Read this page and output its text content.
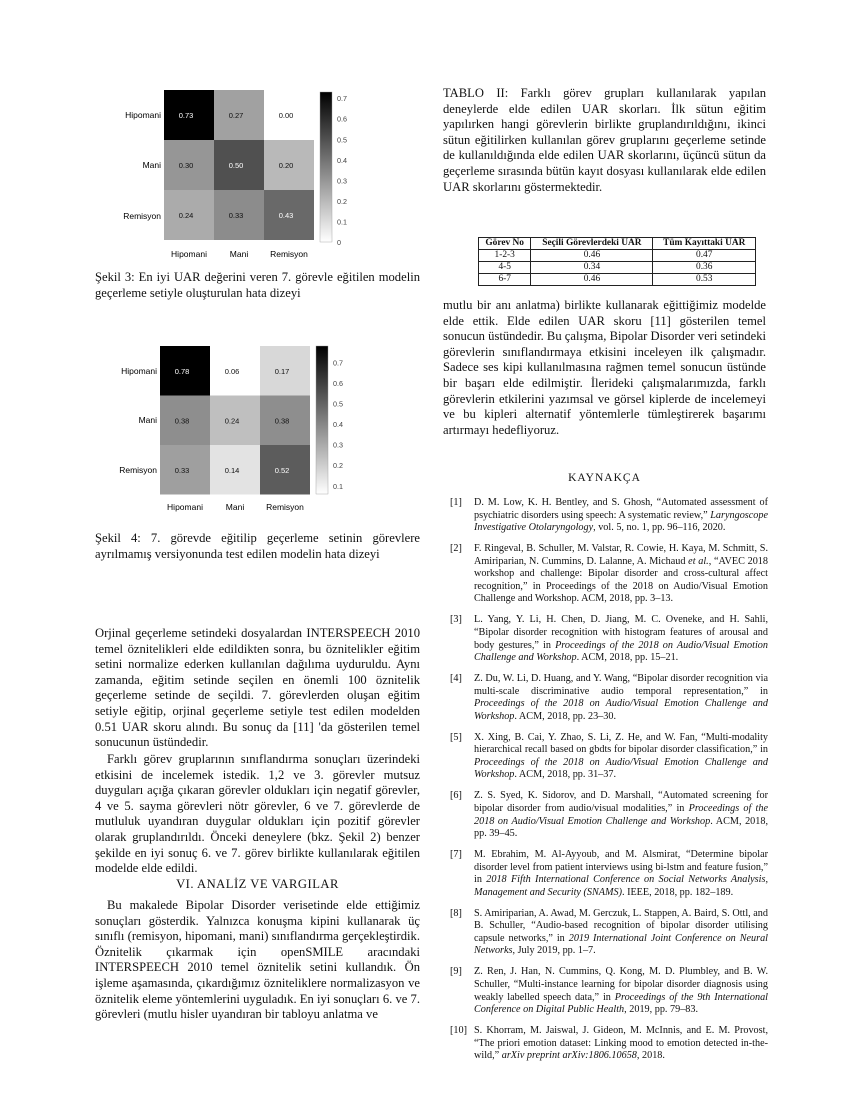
0.73	0.27	0.00
0.30	0.50	0.20
0.24	0.33	0.43
0.7
0.6
0.5
0.4
0.3
0.2
0.1
0
Hipomani
Mani
Remisyon
Hipomani	Mani	Remisyon

Şekil 3: En iyi UAR değerini veren 7. görevle eğitilen modelin geçerleme setiyle oluşturulan hata dizeyi

0.78	0.06	0.17
0.38	0.24	0.38
0.33	0.14	0.52
0.7
0.6
0.5
0.4
0.3
0.2
0.1
Hipomani
Mani
Remisyon
Hipomani	Mani	Remisyon

Şekil 4: 7. görevde eğitilip geçerleme setinin görevlere ayrılmamış versiyonunda test edilen modelin hata dizeyi

Orjinal geçerleme setindeki dosyalardan INTERSPEECH 2010 temel öznitelikleri elde edildikten sonra, bu öznitelikler eğitim setini normalize ederken kullanılan dağılıma uyduruldu. Aynı zamanda, eğitim setinde seçilen en önemli 100 öznitelik geçerleme setinde de seçildi. 7. görevlerden oluşan eğitim setiyle eğitip, orjinal geçerleme setiyle test edilen modelden 0.51 UAR skoru alındı. Bu sonuç da [11] 'da gösterilen temel sonucunun üstündedir.

Farklı görev gruplarının sınıflandırma sonuçları üzerindeki etkisini de incelemek istedik. 1,2 ve 3. görevler mutsuz duyguları açığa çıkaran görevler oldukları için negatif görevler, 4 ve 5. sayma görevleri nötr görevler, 6 ve 7. görevlerde de mutluluk uyandıran duygular oldukları için pozitif görevler olarak gruplandırıldı. Önceki deneylere (bkz. Şekil 2) benzer şekilde en iyi sonuç 6. ve 7. görev birlikte kullanılarak eğitilen modelde elde edildi.

VI. ANALİZ VE VARGILAR

Bu makalede Bipolar Disorder verisetinde elde ettiğimiz sonuçları gösterdik. Yalnızca konuşma kipini kullanarak üç sınıflı (remisyon, hipomani, mani) sınıflandırma gerçekleştirdik. Öznitelik çıkarmak için openSMILE aracındaki INTERSPEECH 2010 temel öznitelik setini kullandık. Ön işleme aşamasında, çıkardığımız özniteliklere normalizasyon ve öznitelik eleme yöntemlerini uyguladık. En iyi sonuçları 6. ve 7. görevleri (mutlu hisler uyandıran bir tabloyu anlatma ve

TABLO II: Farklı görev grupları kullanılarak yapılan deneylerde elde edilen UAR skorları. İlk sütun eğitim yapılırken hangi görevlerin birlikte gruplandırıldığını, ikinci sütun eğitilirken kullanılan görev gruplarını geçerleme setinde de kullanıldığında elde edilen UAR skorlarını, üçüncü sütun da geçerleme sırasında bütün kayıt dosyası kullanılarak elde edilen UAR skorlarını göstermektedir.

Görev No	Seçili Görevlerdeki UAR	Tüm Kayıttaki UAR
1-2-3	0.46	0.47
4-5	0.34	0.36
6-7	0.46	0.53

mutlu bir anı anlatma) birlikte kullanarak eğittiğimiz modelde elde ettik. Elde edilen UAR skoru [11] gösterilen temel sonucun üstündedir. Bu çalışma, Bipolar Disorder veri setindeki görevlerin sınıflandırmaya etkisini inceleyen ilk çalışmadır. Sadece ses kipi kullanılmasına rağmen temel sonucun üstünde bir başarı elde edilmiştir. İlerideki çalışmalarımızda, farklı görevlerin etkilerini yazımsal ve görsel kiplerde de incelemeyi ve bu kipleri alternatif yöntemlerle tümleştirerek başarımı artırmayı hedefliyoruz.

KAYNAKÇA

[1]	D. M. Low, K. H. Bentley, and S. Ghosh, “Automated assessment of psychiatric disorders using speech: A systematic review,” Laryngoscope Investigative Otolaryngology, vol. 5, no. 1, pp. 96–116, 2020.
[2]	F. Ringeval, B. Schuller, M. Valstar, R. Cowie, H. Kaya, M. Schmitt, S. Amiriparian, N. Cummins, D. Lalanne, A. Michaud et al., “AVEC 2018 workshop and challenge: Bipolar disorder and cross-cultural affect recognition,” in Proceedings of the 2018 on Audio/Visual Emotion Challenge and Workshop. ACM, 2018, pp. 3–13.
[3]	L. Yang, Y. Li, H. Chen, D. Jiang, M. C. Oveneke, and H. Sahli, “Bipolar disorder recognition with histogram features of arousal and body gestures,” in Proceedings of the 2018 on Audio/Visual Emotion Challenge and Workshop. ACM, 2018, pp. 15–21.
[4]	Z. Du, W. Li, D. Huang, and Y. Wang, “Bipolar disorder recognition via multi-scale discriminative audio temporal representation,” in Proceedings of the 2018 on Audio/Visual Emotion Challenge and Workshop. ACM, 2018, pp. 23–30.
[5]	X. Xing, B. Cai, Y. Zhao, S. Li, Z. He, and W. Fan, “Multi-modality hierarchical recall based on gbdts for bipolar disorder classification,” in Proceedings of the 2018 on Audio/Visual Emotion Challenge and Workshop. ACM, 2018, pp. 31–37.
[6]	Z. S. Syed, K. Sidorov, and D. Marshall, “Automated screening for bipolar disorder from audio/visual modalities,” in Proceedings of the 2018 on Audio/Visual Emotion Challenge and Workshop. ACM, 2018, pp. 39–45.
[7]	M. Ebrahim, M. Al-Ayyoub, and M. Alsmirat, “Determine bipolar disorder level from patient interviews using bi-lstm and feature fusion,” in 2018 Fifth International Conference on Social Networks Analysis, Management and Security (SNAMS). IEEE, 2018, pp. 182–189.
[8]	S. Amiriparian, A. Awad, M. Gerczuk, L. Stappen, A. Baird, S. Ottl, and B. Schuller, “Audio-based recognition of bipolar disorder utilising capsule networks,” in 2019 International Joint Conference on Neural Networks, July 2019, pp. 1–7.
[9]	Z. Ren, J. Han, N. Cummins, Q. Kong, M. D. Plumbley, and B. W. Schuller, “Multi-instance learning for bipolar disorder diagnosis using weakly labelled speech data,” in Proceedings of the 9th International Conference on Digital Public Health, 2019, pp. 79–83.
[10] S. Khorram, M. Jaiswal, J. Gideon, M. McInnis, and E. M. Provost, “The priori emotion dataset: Linking mood to emotion detected in-the-wild,” arXiv preprint arXiv:1806.10658, 2018.
